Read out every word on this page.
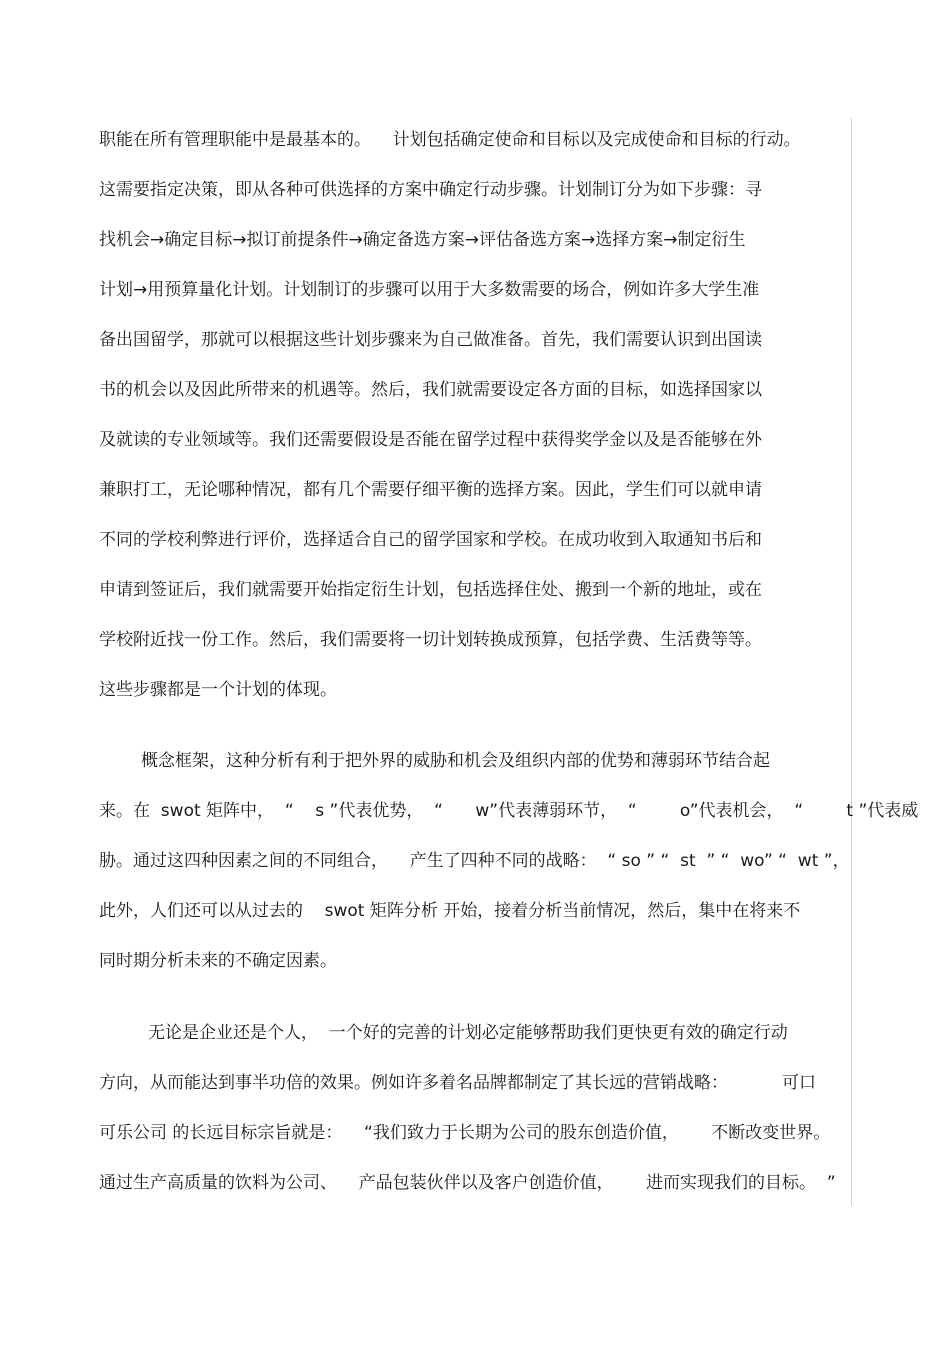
职能在所有管理职能中是最基本的。    计划包括确定使命和目标以及完成使命和目标的行动。
这需要指定决策，即从各种可供选择的方案中确定行动步骤。计划制订分为如下步骤：寻
找机会→确定目标→拟订前提条件→确定备选方案→评估备选方案→选择方案→制定衍生
计划→用预算量化计划。计划制订的步骤可以用于大多数需要的场合，例如许多大学生准
备出国留学，那就可以根据这些计划步骤来为自己做准备。首先，我们需要认识到出国读
书的机会以及因此所带来的机遇等。然后，我们就需要设定各方面的目标，如选择国家以
及就读的专业领域等。我们还需要假设是否能在留学过程中获得奖学金以及是否能够在外
兼职打工，无论哪种情况，都有几个需要仔细平衡的选择方案。因此，学生们可以就申请
不同的学校利弊进行评价，选择适合自己的留学国家和学校。在成功收到入取通知书后和
申请到签证后，我们就需要开始指定衍生计划，包括选择住处、搬到一个新的地址，或在
学校附近找一份工作。然后，我们需要将一切计划转换成预算，包括学费、生活费等等。
这些步骤都是一个计划的体现。
概念框架，这种分析有利于把外界的威胁和机会及组织内部的优势和薄弱环节结合起
来。在  swot 矩阵中，  “    s ”代表优势，  “      w”代表薄弱环节，  “        o”代表机会，  “        t ”代表威
胁。通过这四种因素之间的不同组合，    产生了四种不同的战略：  “ so ” “  st  ” “  wo” “  wt ”，
此外，人们还可以从过去的    swot 矩阵分析 开始，接着分析当前情况，然后，集中在将来不
同时期分析未来的不确定因素。
无论是企业还是个人，  一个好的完善的计划必定能够帮助我们更快更有效的确定行动
方向，从而能达到事半功倍的效果。例如许多着名品牌都制定了其长远的营销战略：          可口
可乐公司 的长远目标宗旨就是：    “我们致力于长期为公司的股东创造价值，      不断改变世界。
通过生产高质量的饮料为公司、    产品包装伙伴以及客户创造价值，      进而实现我们的目标。  ”
